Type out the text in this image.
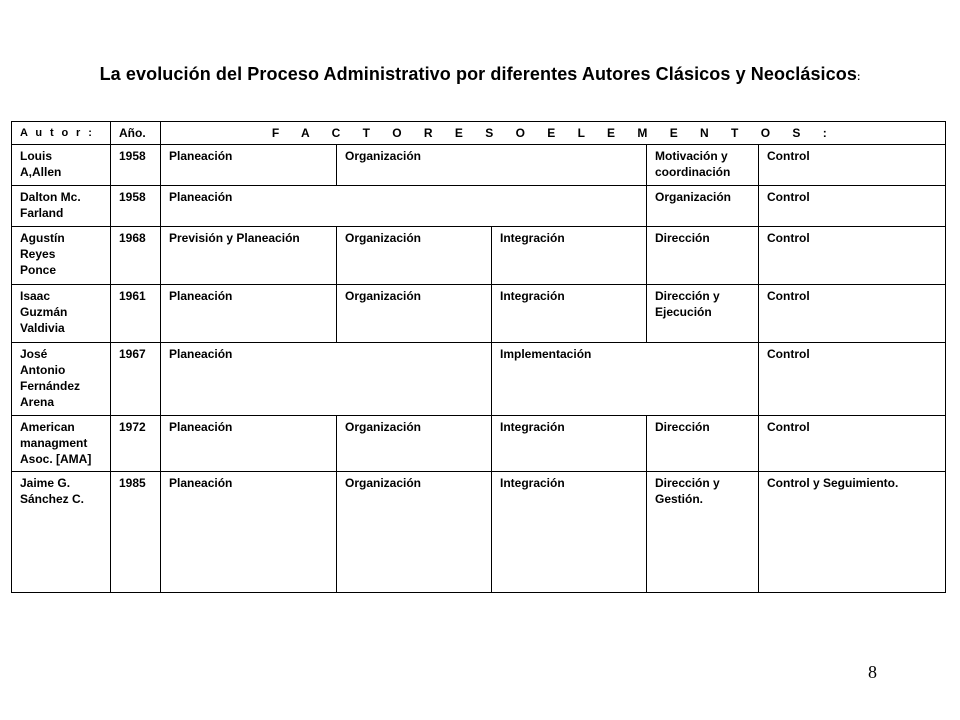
La evolución del Proceso Administrativo por diferentes Autores Clásicos y Neoclásicos:
A u t o r :	Año.	F A C T O R E S O E L E M E N T O S :				
Louis A,Allen	1958	Planeación	Organización		Motivación y coordinación	Control
Dalton Mc. Farland	1958	Planeación			Organización	Control
Agustín Reyes Ponce	1968	Previsión y Planeación	Organización	Integración	Dirección	Control
Isaac Guzmán Valdivia	1961	Planeación	Organización	Integración	Dirección y Ejecución	Control
José Antonio Fernández Arena	1967	Planeación		Implementación		Control
American managment Asoc. [AMA]	1972	Planeación	Organización	Integración	Dirección	Control
Jaime G. Sánchez C.	1985	Planeación	Organización	Integración	Dirección y Gestión.	Control y Seguimiento.
8
